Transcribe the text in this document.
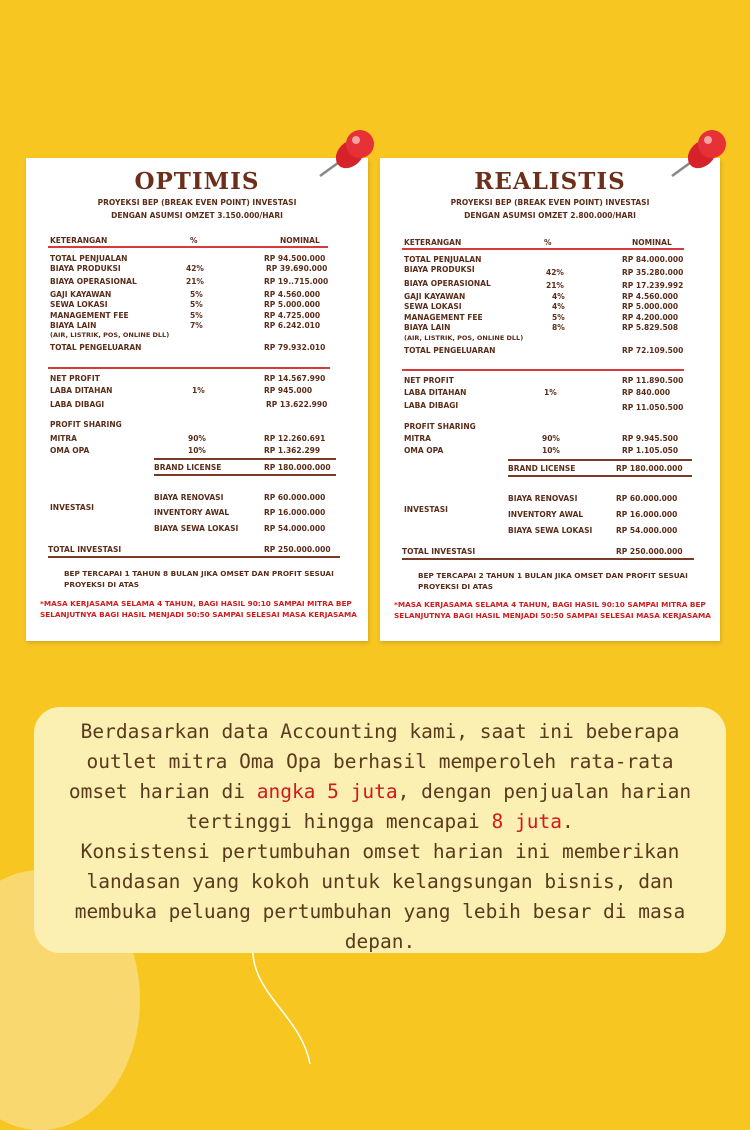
OPTIMIS
PROYEKSI BEP (BREAK EVEN POINT) INVESTASI
DENGAN ASUMSI OMZET 3.150.000/HARI
KETERANGAN	%	NOMINAL
TOTAL PENJUALAN	RP 94.500.000
BIAYA PRODUKSI	42%	RP 39.690.000
BIAYA OPERASIONAL	21%	RP 19..715.000
GAJI KAYAWAN	5%	RP 4.560.000
SEWA LOKASI	5%	RP 5.000.000
MANAGEMENT FEE	5%	RP 4.725.000
BIAYA LAIN	7%	RP 6.242.010
(AIR, LISTRIK, POS, ONLINE DLL)
TOTAL PENGELUARAN	RP 79.932.010
NET PROFIT	RP 14.567.990
LABA DITAHAN	1%	RP 945.000
LABA DIBAGI	RP 13.622.990
PROFIT SHARING
MITRA	90%	RP 12.260.691
OMA OPA	10%	RP 1.362.299
BRAND LICENSE	RP 180.000.000
INVESTASI
BIAYA RENOVASI	RP 60.000.000
INVENTORY AWAL	RP 16.000.000
BIAYA SEWA LOKASI	RP 54.000.000
TOTAL INVESTASI	RP 250.000.000
BEP TERCAPAI 1 TAHUN 8 BULAN JIKA OMSET DAN PROFIT SESUAI PROYEKSI DI ATAS
*MASA KERJASAMA SELAMA 4 TAHUN, BAGI HASIL 90:10 SAMPAI MITRA BEP SELANJUTNYA BAGI HASIL MENJADI 50:50 SAMPAI SELESAI MASA KERJASAMA
REALISTIS
PROYEKSI BEP (BREAK EVEN POINT) INVESTASI
DENGAN ASUMSI OMZET 2.800.000/HARI
KETERANGAN	%	NOMINAL
TOTAL PENJUALAN	RP 84.000.000
BIAYA PRODUKSI	42%	RP 35.280.000
BIAYA OPERASIONAL	21%	RP 17.239.992
GAJI KAYAWAN	4%	RP 4.560.000
SEWA LOKASI	4%	RP 5.000.000
MANAGEMENT FEE	5%	RP 4.200.000
BIAYA LAIN	8%	RP 5.829.508
(AIR, LISTRIK, POS, ONLINE DLL)
TOTAL PENGELUARAN	RP 72.109.500
NET PROFIT	RP 11.890.500
LABA DITAHAN	1%	RP 840.000
LABA DIBAGI	RP 11.050.500
PROFIT SHARING
MITRA	90%	RP 9.945.500
OMA OPA	10%	RP 1.105.050
BRAND LICENSE	RP 180.000.000
INVESTASI
BIAYA RENOVASI	RP 60.000.000
INVENTORY AWAL	RP 16.000.000
BIAYA SEWA LOKASI	RP 54.000.000
TOTAL INVESTASI	RP 250.000.000
BEP TERCAPAI 2 TAHUN 1 BULAN JIKA OMSET DAN PROFIT SESUAI PROYEKSI DI ATAS
*MASA KERJASAMA SELAMA 4 TAHUN, BAGI HASIL 90:10 SAMPAI MITRA BEP SELANJUTNYA BAGI HASIL MENJADI 50:50 SAMPAI SELESAI MASA KERJASAMA

Berdasarkan data Accounting kami, saat ini beberapa outlet mitra Oma Opa berhasil memperoleh rata-rata omset harian di angka 5 juta, dengan penjualan harian tertinggi hingga mencapai 8 juta.

Konsistensi pertumbuhan omset harian ini memberikan landasan yang kokoh untuk kelangsungan bisnis, dan membuka peluang pertumbuhan yang lebih besar di masa depan.
